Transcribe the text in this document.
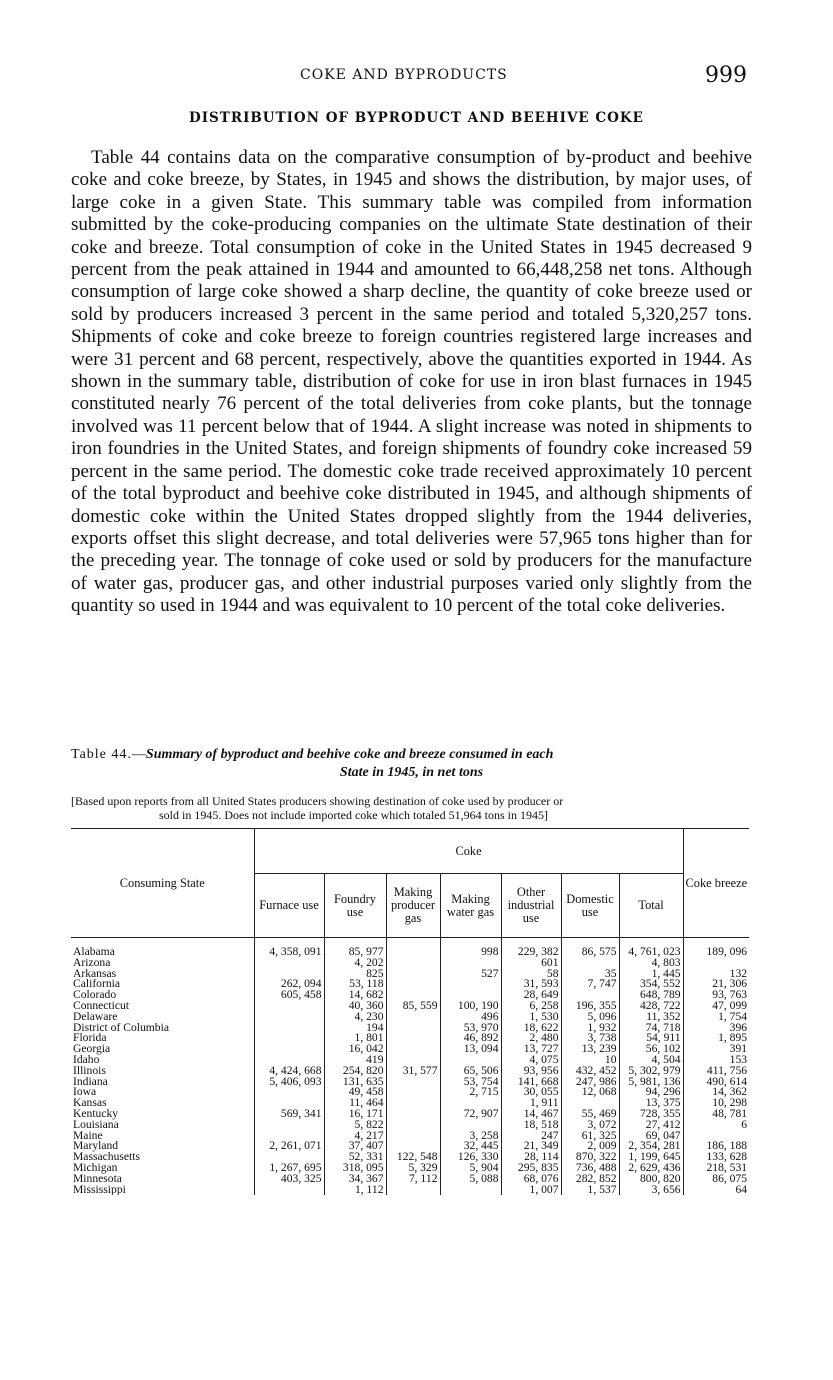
COKE AND BYPRODUCTS	999
DISTRIBUTION OF BYPRODUCT AND BEEHIVE COKE

Table 44 contains data on the comparative consumption of by-product and beehive coke and coke breeze, by States, in 1945 and shows the distribution, by major uses, of large coke in a given State. This summary table was compiled from information submitted by the coke-producing companies on the ultimate State destination of their coke and breeze. Total consumption of coke in the United States in 1945 decreased 9 percent from the peak attained in 1944 and amounted to 66,448,258 net tons. Although consumption of large coke showed a sharp decline, the quantity of coke breeze used or sold by producers increased 3 percent in the same period and totaled 5,320,257 tons. Shipments of coke and coke breeze to foreign countries registered large increases and were 31 percent and 68 percent, respectively, above the quantities exported in 1944. As shown in the summary table, distribution of coke for use in iron blast furnaces in 1945 constituted nearly 76 percent of the total deliveries from coke plants, but the tonnage involved was 11 percent below that of 1944. A slight increase was noted in shipments to iron foundries in the United States, and foreign shipments of foundry coke increased 59 percent in the same period. The domestic coke trade received approximately 10 percent of the total byproduct and beehive coke distributed in 1945, and although shipments of domestic coke within the United States dropped slightly from the 1944 deliveries, exports offset this slight decrease, and total deliveries were 57,965 tons higher than for the preceding year. The tonnage of coke used or sold by producers for the manufacture of water gas, producer gas, and other industrial purposes varied only slightly from the quantity so used in 1944 and was equivalent to 10 percent of the total coke deliveries.

Table 44.—Summary of byproduct and beehive coke and breeze consumed in each
State in 1945, in net tons
[Based upon reports from all United States producers showing destination of coke used by producer or
sold in 1945. Does not include imported coke which totaled 51,964 tons in 1945]
Consuming State	Coke							Coke breeze
	Furnace use	Foundry use	Making producer gas	Making water gas	Other industrial use	Domestic use	Total	
Alabama	4, 358, 091	85, 977		998	229, 382	86, 575	4, 761, 023	189, 096
Arizona		4, 202			601		4, 803	
Arkansas		825		527	58	35	1, 445	132
California	262, 094	53, 118			31, 593	7, 747	354, 552	21, 306
Colorado	605, 458	14, 682			28, 649		648, 789	93, 763
Connecticut		40, 360	85, 559	100, 190	6, 258	196, 355	428, 722	47, 099
Delaware		4, 230		496	1, 530	5, 096	11, 352	1, 754
District of Columbia		194		53, 970	18, 622	1, 932	74, 718	396
Florida		1, 801		46, 892	2, 480	3, 738	54, 911	1, 895
Georgia		16, 042		13, 094	13, 727	13, 239	56, 102	391
Idaho		419			4, 075	10	4, 504	153
Illinois	4, 424, 668	254, 820	31, 577	65, 506	93, 956	432, 452	5, 302, 979	411, 756
Indiana	5, 406, 093	131, 635		53, 754	141, 668	247, 986	5, 981, 136	490, 614
Iowa		49, 458		2, 715	30, 055	12, 068	94, 296	14, 362
Kansas		11, 464			1, 911		13, 375	10, 298
Kentucky	569, 341	16, 171		72, 907	14, 467	55, 469	728, 355	48, 781
Louisiana		5, 822			18, 518	3, 072	27, 412	6
Maine		4, 217		3, 258	247	61, 325	69, 047	
Maryland	2, 261, 071	37, 407		32, 445	21, 349	2, 009	2, 354, 281	186, 188
Massachusetts		52, 331	122, 548	126, 330	28, 114	870, 322	1, 199, 645	133, 628
Michigan	1, 267, 695	318, 095	5, 329	5, 904	295, 835	736, 488	2, 629, 436	218, 531
Minnesota	403, 325	34, 367	7, 112	5, 088	68, 076	282, 852	800, 820	86, 075
Mississippi		1, 112			1, 007	1, 537	3, 656	64
